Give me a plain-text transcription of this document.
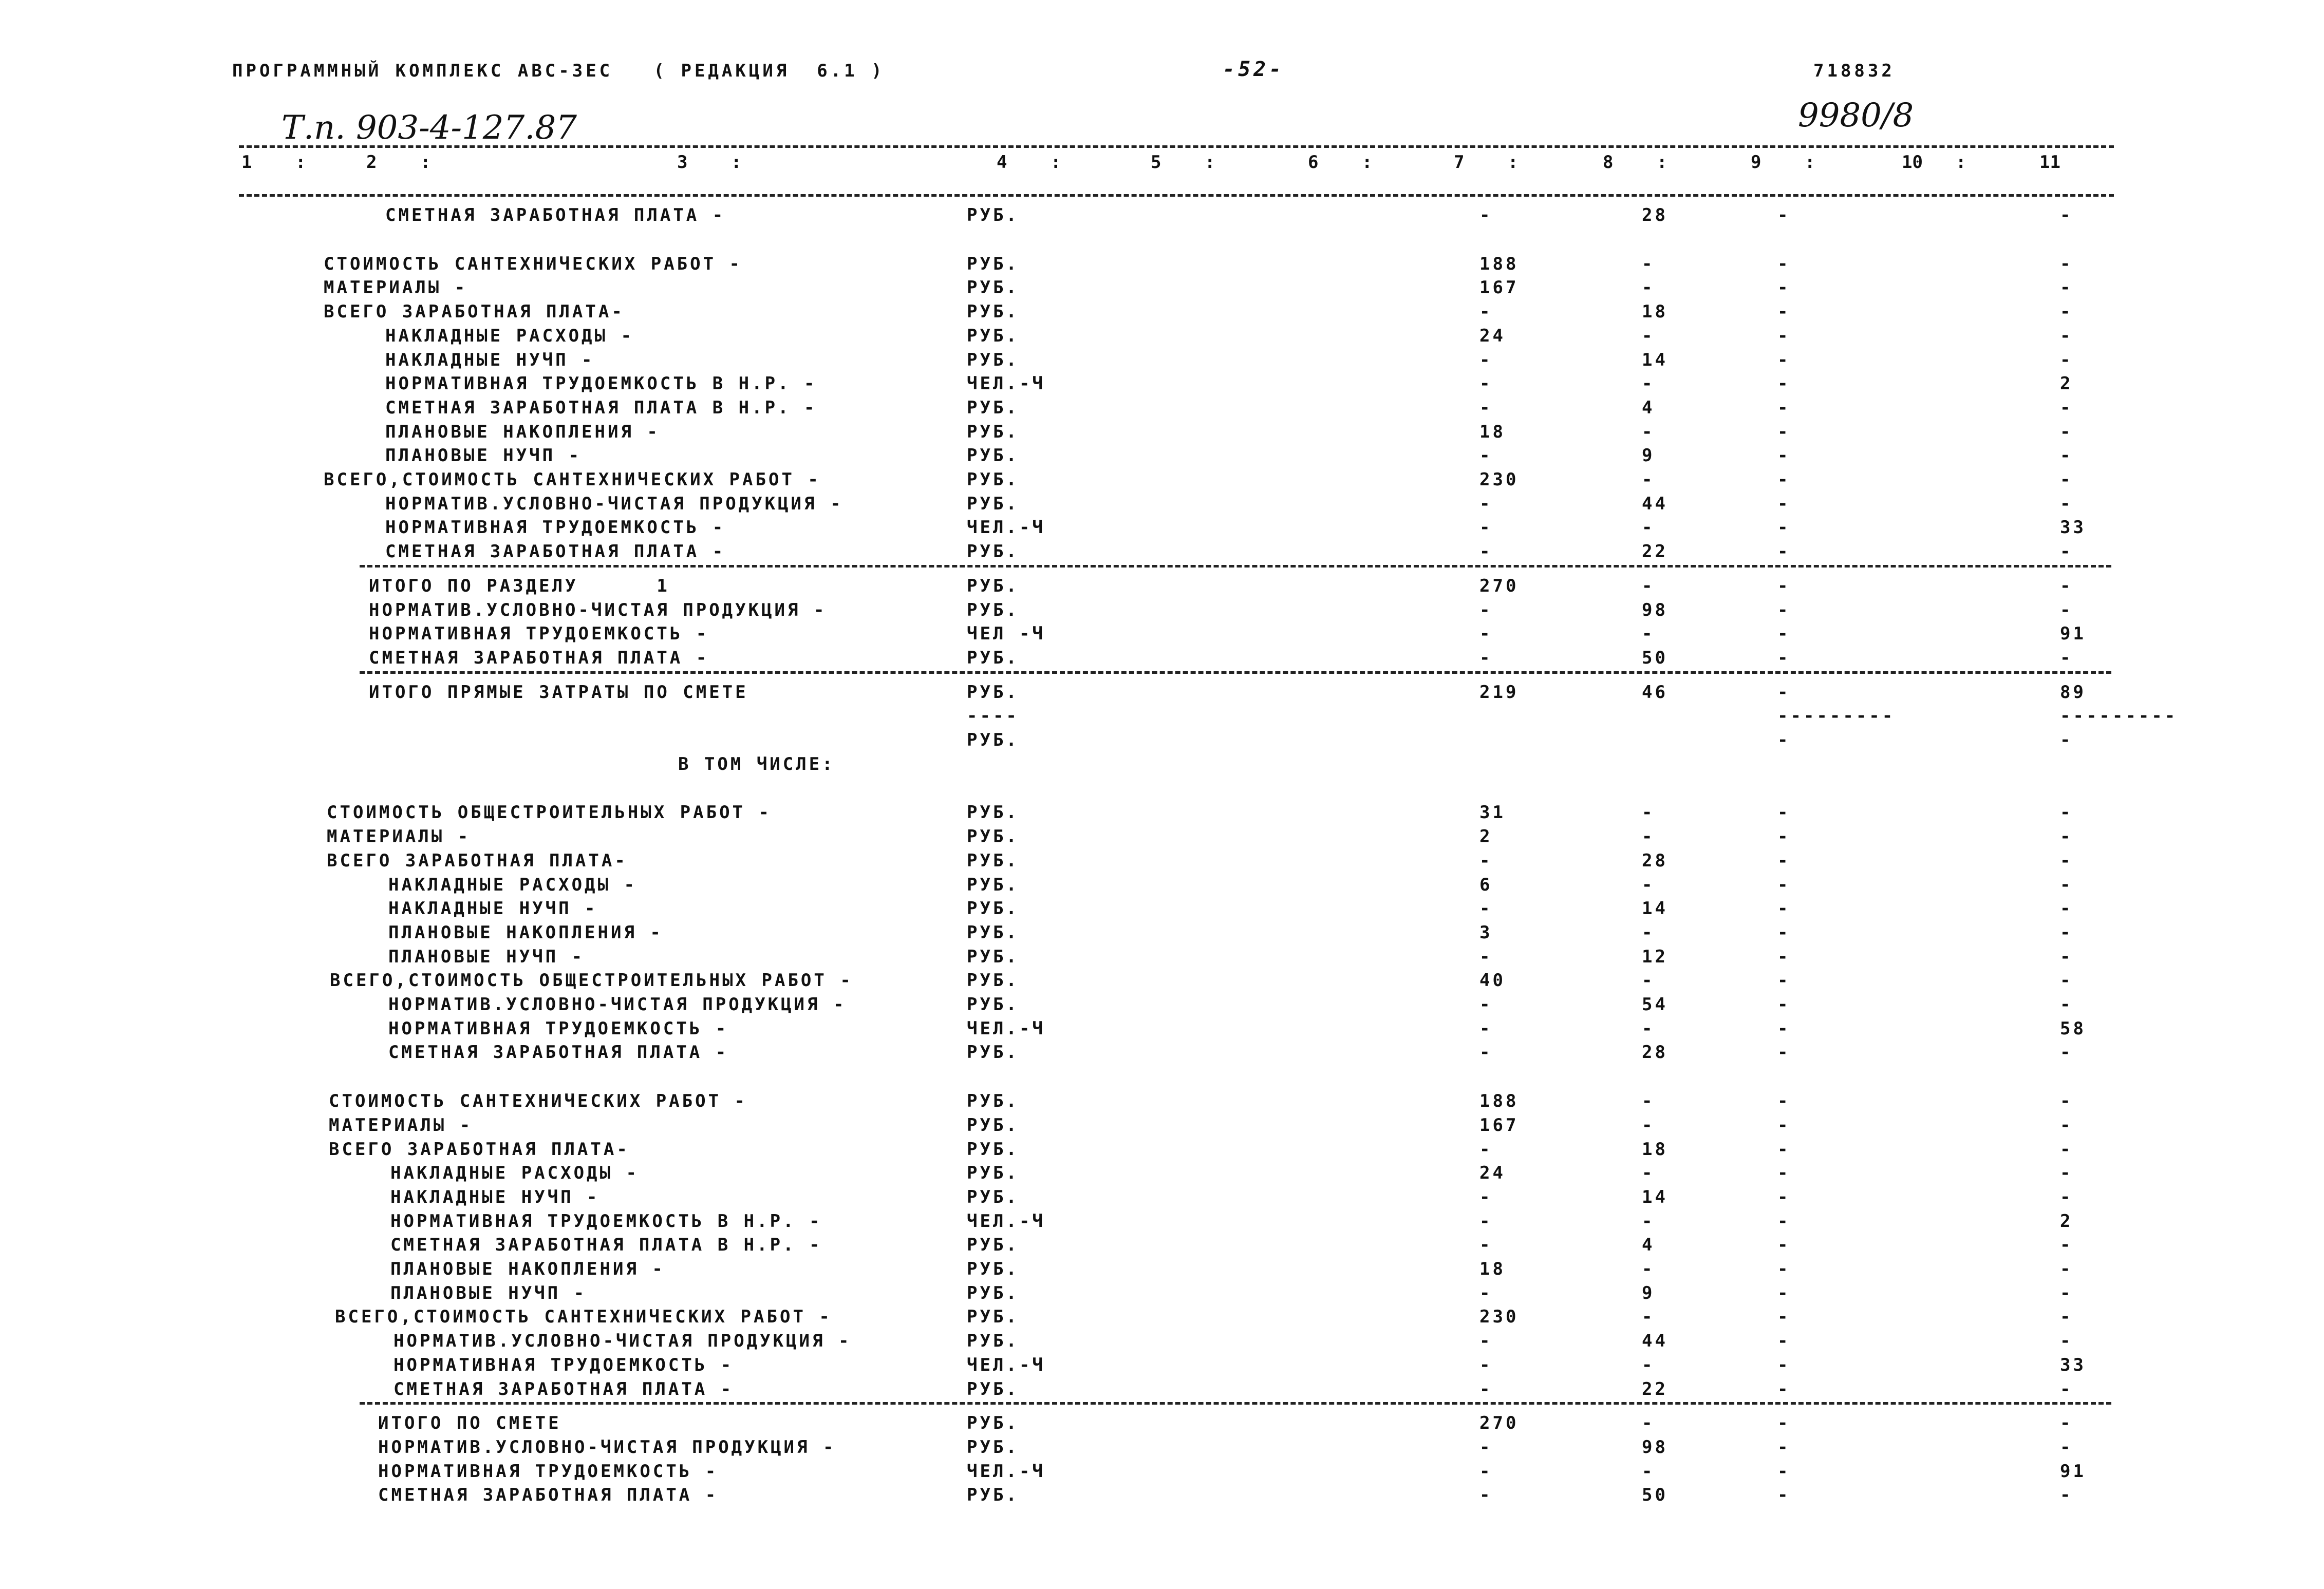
ПРОГРАММНЫЙ КОМПЛЕКС АВС-3ЕС   ( РЕДАКЦИЯ  6.1 )	-52-	718832
Т.п. 903-4-127.87	9980/8
1 :	2 :	3 :	4 :	5 :	6 :	7 :	8 :	9 :	10 :	11
СМЕТНАЯ ЗАРАБОТНАЯ ПЛАТА -	РУБ.	-	28	-	-
СТОИМОСТЬ САНТЕХНИЧЕСКИХ РАБОТ -	РУБ.	188	-	-	-
МАТЕРИАЛЫ -	РУБ.	167	-	-	-
ВСЕГО ЗАРАБОТНАЯ ПЛАТА-	РУБ.	-	18	-	-
НАКЛАДНЫЕ РАСХОДЫ -	РУБ.	24	-	-	-
НАКЛАДНЫЕ НУЧП -	РУБ.	-	14	-	-
НОРМАТИВНАЯ ТРУДОЕМКОСТЬ В Н.Р. -	ЧЕЛ.-Ч	-	-	-	2
СМЕТНАЯ ЗАРАБОТНАЯ ПЛАТА В Н.Р. -	РУБ.	-	4	-	-
ПЛАНОВЫЕ НАКОПЛЕНИЯ -	РУБ.	18	-	-	-
ПЛАНОВЫЕ НУЧП -	РУБ.	-	9	-	-
ВСЕГО,СТОИМОСТЬ САНТЕХНИЧЕСКИХ РАБОТ -	РУБ.	230	-	-	-
НОРМАТИВ.УСЛОВНО-ЧИСТАЯ ПРОДУКЦИЯ -	РУБ.	-	44	-	-
НОРМАТИВНАЯ ТРУДОЕМКОСТЬ -	ЧЕЛ.-Ч	-	-	-	33
СМЕТНАЯ ЗАРАБОТНАЯ ПЛАТА -	РУБ.	-	22	-	-
ИТОГО ПО РАЗДЕЛУ      1	РУБ.	270	-	-	-
НОРМАТИВ.УСЛОВНО-ЧИСТАЯ ПРОДУКЦИЯ -	РУБ.	-	98	-	-
НОРМАТИВНАЯ ТРУДОЕМКОСТЬ -	ЧЕЛ -Ч	-	-	-	91
СМЕТНАЯ ЗАРАБОТНАЯ ПЛАТА -	РУБ.	-	50	-	-
ИТОГО ПРЯМЫЕ ЗАТРАТЫ ПО СМЕТЕ	РУБ.	219	46	-	89
----	---------	---------
РУБ.	-	-
В ТОМ ЧИСЛЕ:
СТОИМОСТЬ ОБЩЕСТРОИТЕЛЬНЫХ РАБОТ -	РУБ.	31	-	-	-
МАТЕРИАЛЫ -	РУБ.	2	-	-	-
ВСЕГО ЗАРАБОТНАЯ ПЛАТА-	РУБ.	-	28	-	-
НАКЛАДНЫЕ РАСХОДЫ -	РУБ.	6	-	-	-
НАКЛАДНЫЕ НУЧП -	РУБ.	-	14	-	-
ПЛАНОВЫЕ НАКОПЛЕНИЯ -	РУБ.	3	-	-	-
ПЛАНОВЫЕ НУЧП -	РУБ.	-	12	-	-
ВСЕГО,СТОИМОСТЬ ОБЩЕСТРОИТЕЛЬНЫХ РАБОТ -	РУБ.	40	-	-	-
НОРМАТИВ.УСЛОВНО-ЧИСТАЯ ПРОДУКЦИЯ -	РУБ.	-	54	-	-
НОРМАТИВНАЯ ТРУДОЕМКОСТЬ -	ЧЕЛ.-Ч	-	-	-	58
СМЕТНАЯ ЗАРАБОТНАЯ ПЛАТА -	РУБ.	-	28	-	-
СТОИМОСТЬ САНТЕХНИЧЕСКИХ РАБОТ -	РУБ.	188	-	-	-
МАТЕРИАЛЫ -	РУБ.	167	-	-	-
ВСЕГО ЗАРАБОТНАЯ ПЛАТА-	РУБ.	-	18	-	-
НАКЛАДНЫЕ РАСХОДЫ -	РУБ.	24	-	-	-
НАКЛАДНЫЕ НУЧП -	РУБ.	-	14	-	-
НОРМАТИВНАЯ ТРУДОЕМКОСТЬ В Н.Р. -	ЧЕЛ.-Ч	-	-	-	2
СМЕТНАЯ ЗАРАБОТНАЯ ПЛАТА В Н.Р. -	РУБ.	-	4	-	-
ПЛАНОВЫЕ НАКОПЛЕНИЯ -	РУБ.	18	-	-	-
ПЛАНОВЫЕ НУЧП -	РУБ.	-	9	-	-
ВСЕГО,СТОИМОСТЬ САНТЕХНИЧЕСКИХ РАБОТ -	РУБ.	230	-	-	-
НОРМАТИВ.УСЛОВНО-ЧИСТАЯ ПРОДУКЦИЯ -	РУБ.	-	44	-	-
НОРМАТИВНАЯ ТРУДОЕМКОСТЬ -	ЧЕЛ.-Ч	-	-	-	33
СМЕТНАЯ ЗАРАБОТНАЯ ПЛАТА -	РУБ.	-	22	-	-
ИТОГО ПО СМЕТЕ	РУБ.	270	-	-	-
НОРМАТИВ.УСЛОВНО-ЧИСТАЯ ПРОДУКЦИЯ -	РУБ.	-	98	-	-
НОРМАТИВНАЯ ТРУДОЕМКОСТЬ -	ЧЕЛ.-Ч	-	-	-	91
СМЕТНАЯ ЗАРАБОТНАЯ ПЛАТА -	РУБ.	-	50	-	-
